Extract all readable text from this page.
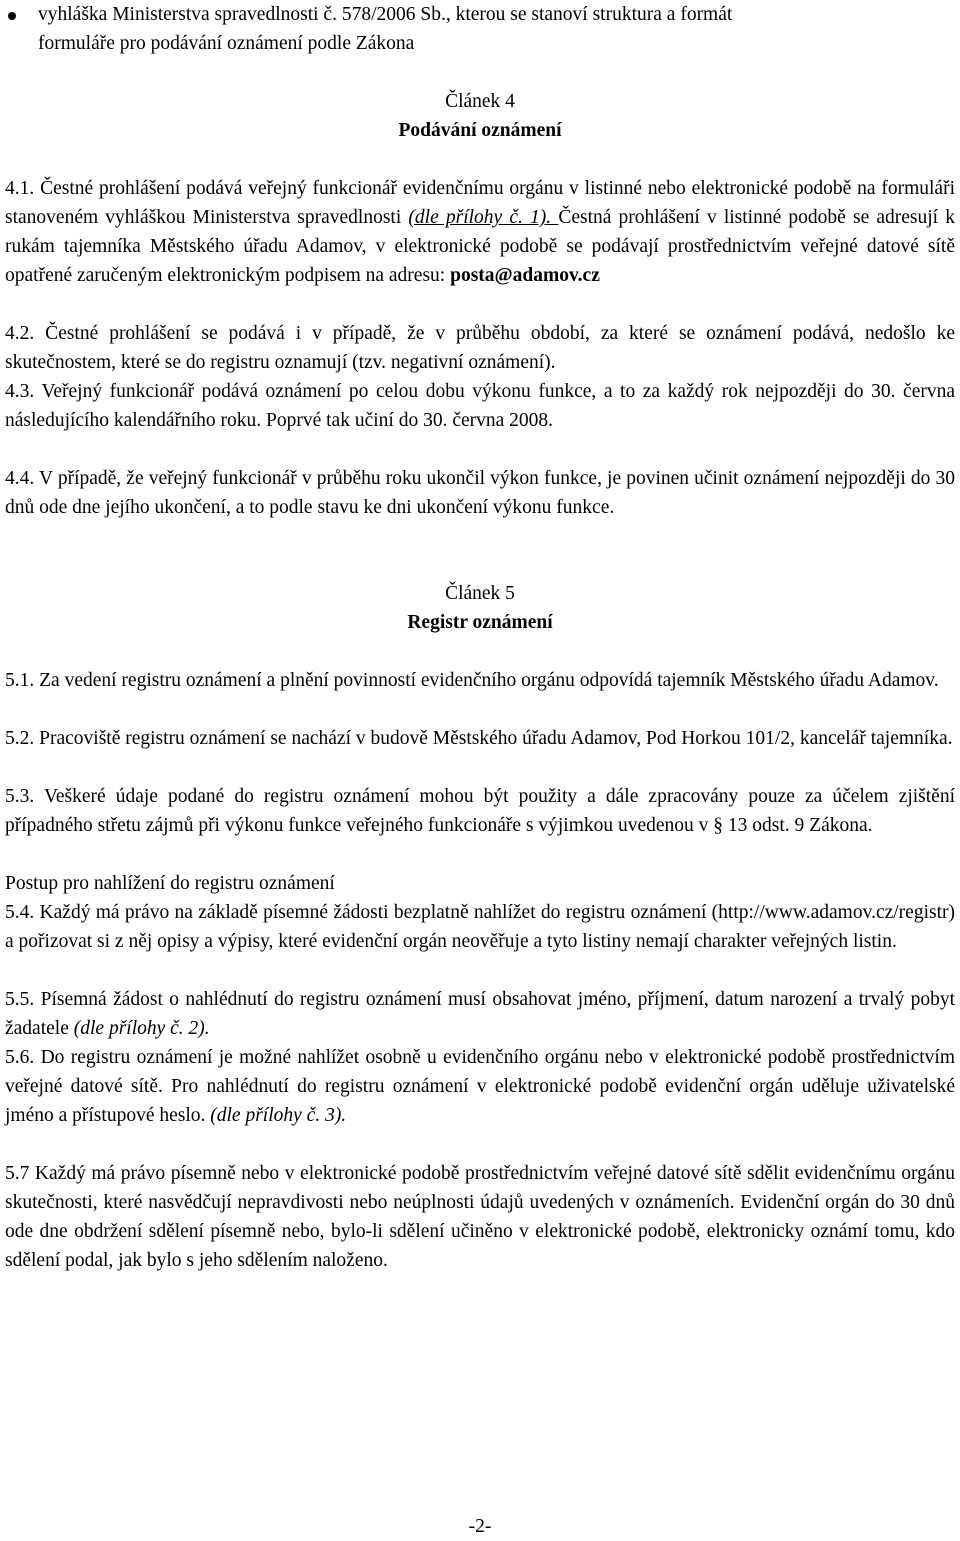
vyhláška Ministerstva spravedlnosti č. 578/2006 Sb., kterou se stanoví struktura a formát
formuláře pro podávání oznámení podle Zákona

Článek 4

Podávání oznámení

4.1. Čestné prohlášení podává veřejný funkcionář evidenčnímu orgánu v listinné nebo elektronické podobě na formuláři stanoveném vyhláškou Ministerstva spravedlnosti (dle přílohy č. 1). Čestná prohlášení v listinné podobě se adresují k rukám tajemníka Městského úřadu Adamov, v elektronické podobě se podávají prostřednictvím veřejné datové sítě opatřené zaručeným elektronickým podpisem na adresu: posta@adamov.cz

4.2. Čestné prohlášení se podává i v případě, že v průběhu období, za které se oznámení podává, nedošlo ke skutečnostem, které se do registru oznamují (tzv. negativní oznámení).

4.3. Veřejný funkcionář podává oznámení po celou dobu výkonu funkce, a to za každý rok nejpozději do 30. června následujícího kalendářního roku. Poprvé tak učiní do 30. června 2008.

4.4. V případě, že veřejný funkcionář v průběhu roku ukončil výkon funkce, je povinen učinit oznámení nejpozději do 30 dnů ode dne jejího ukončení, a to podle stavu ke dni ukončení výkonu funkce.

Článek 5

Registr oznámení

5.1. Za vedení registru oznámení a plnění povinností evidenčního orgánu odpovídá tajemník Městského úřadu Adamov.

5.2. Pracoviště registru oznámení se nachází v budově Městského úřadu Adamov, Pod Horkou 101/2, kancelář tajemníka.

5.3. Veškeré údaje podané do registru oznámení mohou být použity a dále zpracovány pouze za účelem zjištění případného střetu zájmů při výkonu funkce veřejného funkcionáře s výjimkou uvedenou v § 13 odst. 9 Zákona.

Postup pro nahlížení do registru oznámení

5.4. Každý má právo na základě písemné žádosti bezplatně nahlížet do registru oznámení (http://www.adamov.cz/registr) a pořizovat si z něj opisy a výpisy, které evidenční orgán neověřuje a tyto listiny nemají charakter veřejných listin.

5.5. Písemná žádost o nahlédnutí do registru oznámení musí obsahovat jméno, příjmení, datum narození a trvalý pobyt žadatele (dle přílohy č. 2).

5.6. Do registru oznámení je možné nahlížet osobně u evidenčního orgánu nebo v elektronické podobě prostřednictvím veřejné datové sítě. Pro nahlédnutí do registru oznámení v elektronické podobě evidenční orgán uděluje uživatelské jméno a přístupové heslo. (dle přílohy č. 3).

5.7 Každý má právo písemně nebo v elektronické podobě prostřednictvím veřejné datové sítě sdělit evidenčnímu orgánu skutečnosti, které nasvědčují nepravdivosti nebo neúplnosti údajů uvedených v oznámeních. Evidenční orgán do 30 dnů ode dne obdržení sdělení písemně nebo, bylo-li sdělení učiněno v elektronické podobě, elektronicky oznámí tomu, kdo sdělení podal, jak bylo s jeho sdělením naloženo.

-2-
